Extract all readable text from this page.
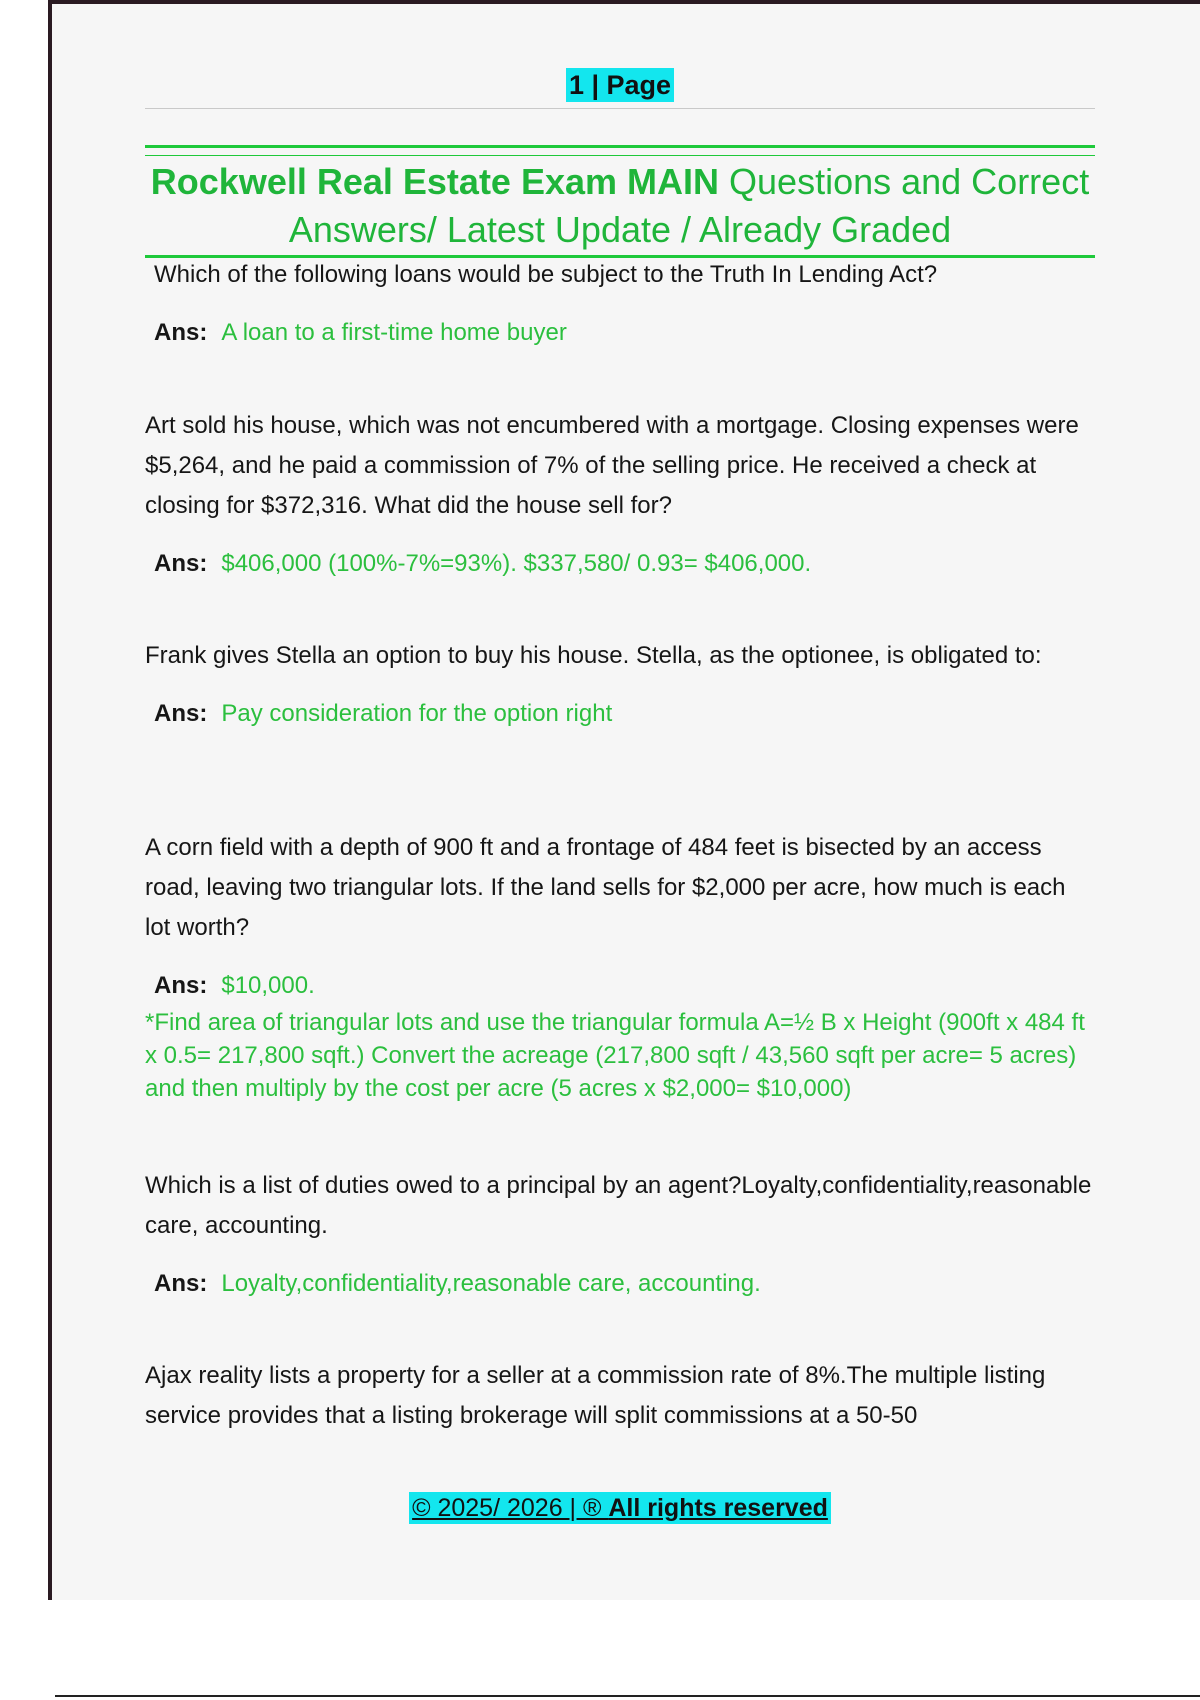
1 | Page
Rockwell Real Estate Exam MAIN Questions and Correct Answers/ Latest Update / Already Graded

Which of the following loans would be subject to the Truth In Lending Act?

Ans: A loan to a first-time home buyer

Art sold his house, which was not encumbered with a mortgage. Closing expenses were $5,264, and he paid a commission of 7% of the selling price. He received a check at closing for $372,316. What did the house sell for?

Ans: $406,000 (100%-7%=93%). $337,580/ 0.93= $406,000.

Frank gives Stella an option to buy his house. Stella, as the optionee, is obligated to:

Ans: Pay consideration for the option right

A corn field with a depth of 900 ft and a frontage of 484 feet is bisected by an access road, leaving two triangular lots. If the land sells for $2,000 per acre, how much is each lot worth?

Ans: $10,000.

*Find area of triangular lots and use the triangular formula A=½ B x Height (900ft x 484 ft x 0.5= 217,800 sqft.) Convert the acreage (217,800 sqft / 43,560 sqft per acre= 5 acres) and then multiply by the cost per acre (5 acres x $2,000= $10,000)

Which is a list of duties owed to a principal by an agent?Loyalty,confidentiality,reasonable care, accounting.

Ans: Loyalty,confidentiality,reasonable care, accounting.

Ajax reality lists a property for a seller at a commission rate of 8%.The multiple listing service provides that a listing brokerage will split commissions at a 50-50

© 2025/ 2026 | ® All rights reserved
